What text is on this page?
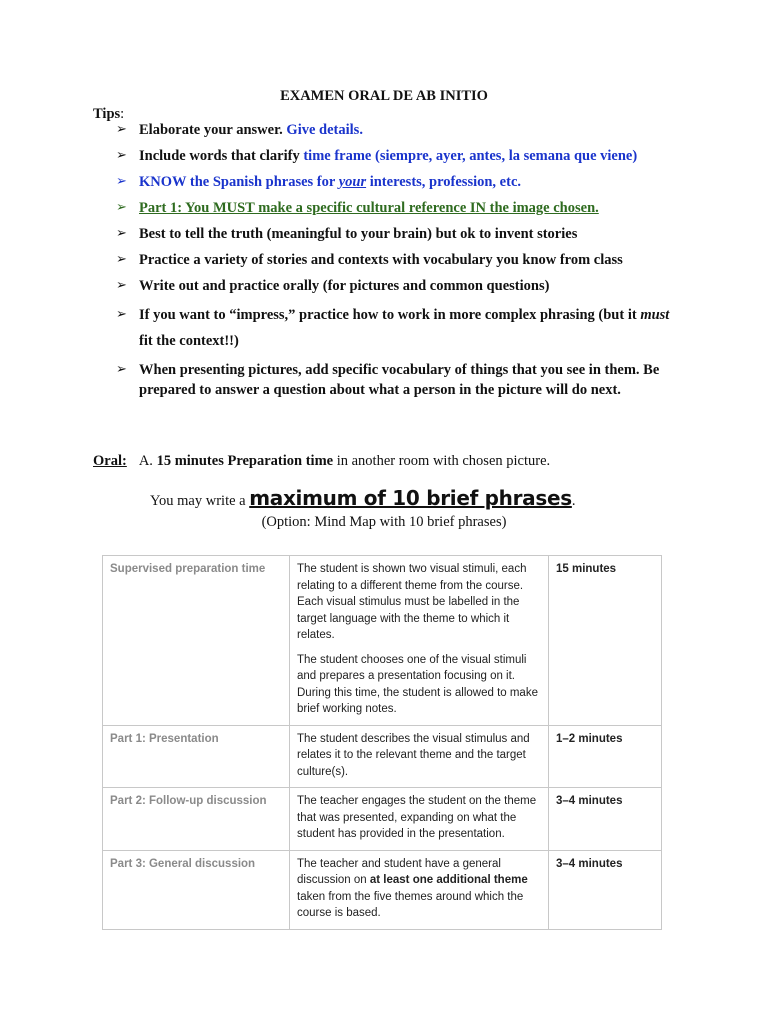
EXAMEN ORAL DE AB INITIO
Tips:
➢ Elaborate your answer. Give details.
➢ Include words that clarify time frame (siempre, ayer, antes, la semana que viene)
➢ KNOW the Spanish phrases for your interests, profession, etc.
➢ Part 1: You MUST make a specific cultural reference IN the image chosen.
➢ Best to tell the truth (meaningful to your brain) but ok to invent stories
➢ Practice a variety of stories and contexts with vocabulary you know from class
➢ Write out and practice orally (for pictures and common questions)
➢ If you want to “impress,” practice how to work in more complex phrasing (but it must fit the context!!)
➢ When presenting pictures, add specific vocabulary of things that you see in them. Be prepared to answer a question about what a person in the picture will do next.
Oral: A. 15 minutes Preparation time in another room with chosen picture.
You may write a maximum of 10 brief phrases.
(Option: Mind Map with 10 brief phrases)
Supervised preparation time	The student is shown two visual stimuli, each relating to a different theme from the course. Each visual stimulus must be labelled in the target language with the theme to which it relates.

The student chooses one of the visual stimuli and prepares a presentation focusing on it. During this time, the student is allowed to make brief working notes.	15 minutes
Part 1: Presentation	The student describes the visual stimulus and relates it to the relevant theme and the target culture(s).	1–2 minutes
Part 2: Follow-up discussion	The teacher engages the student on the theme that was presented, expanding on what the student has provided in the presentation.	3–4 minutes
Part 3: General discussion	The teacher and student have a general discussion on at least one additional theme taken from the five themes around which the course is based.	3–4 minutes
